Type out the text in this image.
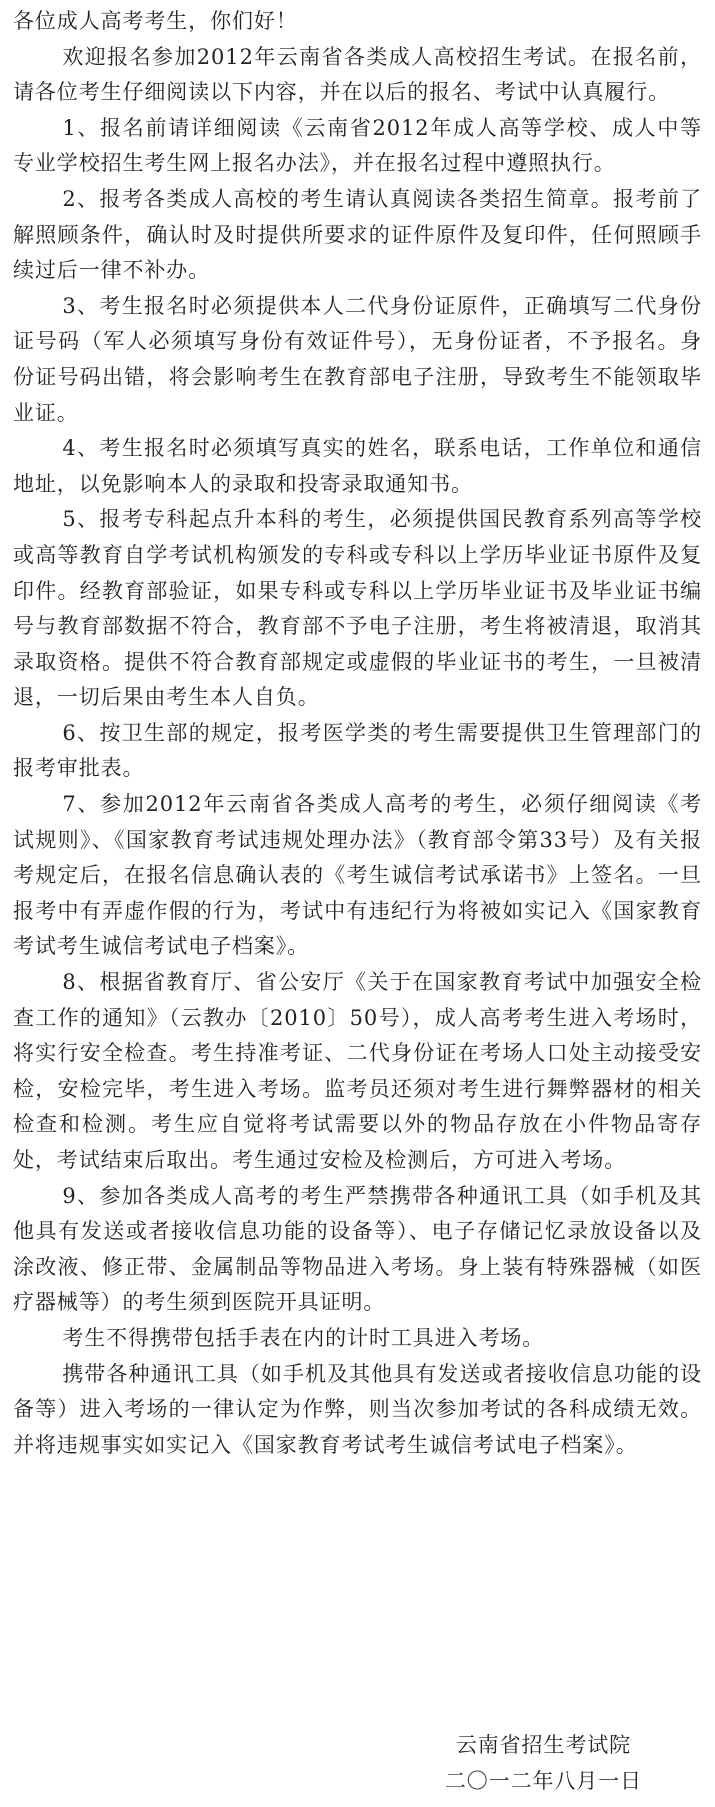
各位成人高考考生，你们好！

欢迎报名参加2012年云南省各类成人高校招生考试。在报名前，请各位考生仔细阅读以下内容，并在以后的报名、考试中认真履行。

1、报名前请详细阅读《云南省2012年成人高等学校、成人中等专业学校招生考生网上报名办法》，并在报名过程中遵照执行。

2、报考各类成人高校的考生请认真阅读各类招生简章。报考前了解照顾条件，确认时及时提供所要求的证件原件及复印件，任何照顾手续过后一律不补办。

3、考生报名时必须提供本人二代身份证原件，正确填写二代身份证号码（军人必须填写身份有效证件号），无身份证者，不予报名。身份证号码出错，将会影响考生在教育部电子注册，导致考生不能领取毕业证。

4、考生报名时必须填写真实的姓名，联系电话，工作单位和通信地址，以免影响本人的录取和投寄录取通知书。

5、报考专科起点升本科的考生，必须提供国民教育系列高等学校或高等教育自学考试机构颁发的专科或专科以上学历毕业证书原件及复印件。经教育部验证，如果专科或专科以上学历毕业证书及毕业证书编号与教育部数据不符合，教育部不予电子注册，考生将被清退，取消其录取资格。提供不符合教育部规定或虚假的毕业证书的考生，一旦被清退，一切后果由考生本人自负。

6、按卫生部的规定，报考医学类的考生需要提供卫生管理部门的报考审批表。

7、参加2012年云南省各类成人高考的考生，必须仔细阅读《考试规则》、《国家教育考试违规处理办法》（教育部令第33号）及有关报考规定后，在报名信息确认表的《考生诚信考试承诺书》上签名。一旦报考中有弄虚作假的行为，考试中有违纪行为将被如实记入《国家教育考试考生诚信考试电子档案》。

8、根据省教育厅、省公安厅《关于在国家教育考试中加强安全检查工作的通知》（云教办〔2010〕50号），成人高考考生进入考场时，将实行安全检查。考生持准考证、二代身份证在考场人口处主动接受安检，安检完毕，考生进入考场。监考员还须对考生进行舞弊器材的相关检查和检测。考生应自觉将考试需要以外的物品存放在小件物品寄存处，考试结束后取出。考生通过安检及检测后，方可进入考场。

9、参加各类成人高考的考生严禁携带各种通讯工具（如手机及其他具有发送或者接收信息功能的设备等）、电子存储记忆录放设备以及涂改液、修正带、金属制品等物品进入考场。身上装有特殊器械（如医疗器械等）的考生须到医院开具证明。

考生不得携带包括手表在内的计时工具进入考场。

携带各种通讯工具（如手机及其他具有发送或者接收信息功能的设备等）进入考场的一律认定为作弊，则当次参加考试的各科成绩无效。并将违规事实如实记入《国家教育考试考生诚信考试电子档案》。

云南省招生考试院
二〇一二年八月一日
